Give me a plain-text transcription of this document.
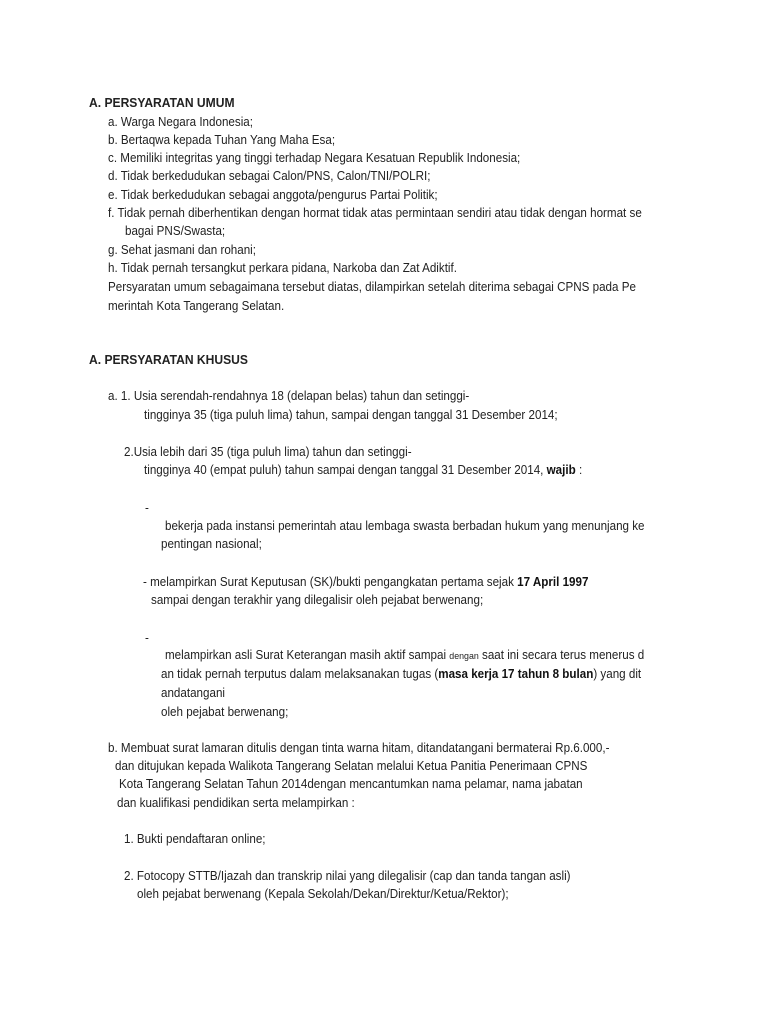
A. PERSYARATAN UMUM
a. Warga Negara Indonesia;
b. Bertaqwa kepada Tuhan Yang Maha Esa;
c. Memiliki integritas yang tinggi terhadap Negara Kesatuan Republik Indonesia;
d. Tidak berkedudukan sebagai Calon/PNS, Calon/TNI/POLRI;
e. Tidak berkedudukan sebagai anggota/pengurus Partai Politik;
f. Tidak pernah diberhentikan dengan hormat tidak atas permintaan sendiri atau tidak dengan hormat se
bagai PNS/Swasta;
g. Sehat jasmani dan rohani;
h. Tidak pernah tersangkut perkara pidana, Narkoba dan Zat Adiktif.
Persyaratan umum sebagaimana tersebut diatas, dilampirkan setelah diterima sebagai CPNS pada Pe
merintah Kota Tangerang Selatan.
A. PERSYARATAN KHUSUS
a. 1. Usia serendah-rendahnya 18 (delapan belas) tahun dan setinggi-
tingginya 35 (tiga puluh lima) tahun, sampai dengan tanggal 31 Desember 2014;
2.Usia lebih dari 35 (tiga puluh lima) tahun dan setinggi-
tingginya 40 (empat puluh) tahun sampai dengan tanggal 31 Desember 2014, wajib :
-
bekerja pada instansi pemerintah atau lembaga swasta berbadan hukum yang menunjang ke
pentingan nasional;
- melampirkan Surat Keputusan (SK)/bukti pengangkatan pertama sejak 17 April 1997
sampai dengan terakhir yang dilegalisir oleh pejabat berwenang;
-
melampirkan asli Surat Keterangan masih aktif sampai dengan saat ini secara terus menerus d
an tidak pernah terputus dalam melaksanakan tugas (masa kerja 17 tahun 8 bulan) yang dit
andatangani
oleh pejabat berwenang;
b. Membuat surat lamaran ditulis dengan tinta warna hitam, ditandatangani bermaterai Rp.6.000,-
dan ditujukan kepada Walikota Tangerang Selatan melalui Ketua Panitia Penerimaan CPNS
Kota Tangerang Selatan Tahun 2014dengan mencantumkan nama pelamar, nama jabatan
dan kualifikasi pendidikan serta melampirkan :
1. Bukti pendaftaran online;
2. Fotocopy STTB/Ijazah dan transkrip nilai yang dilegalisir (cap dan tanda tangan asli)
oleh pejabat berwenang (Kepala Sekolah/Dekan/Direktur/Ketua/Rektor);
